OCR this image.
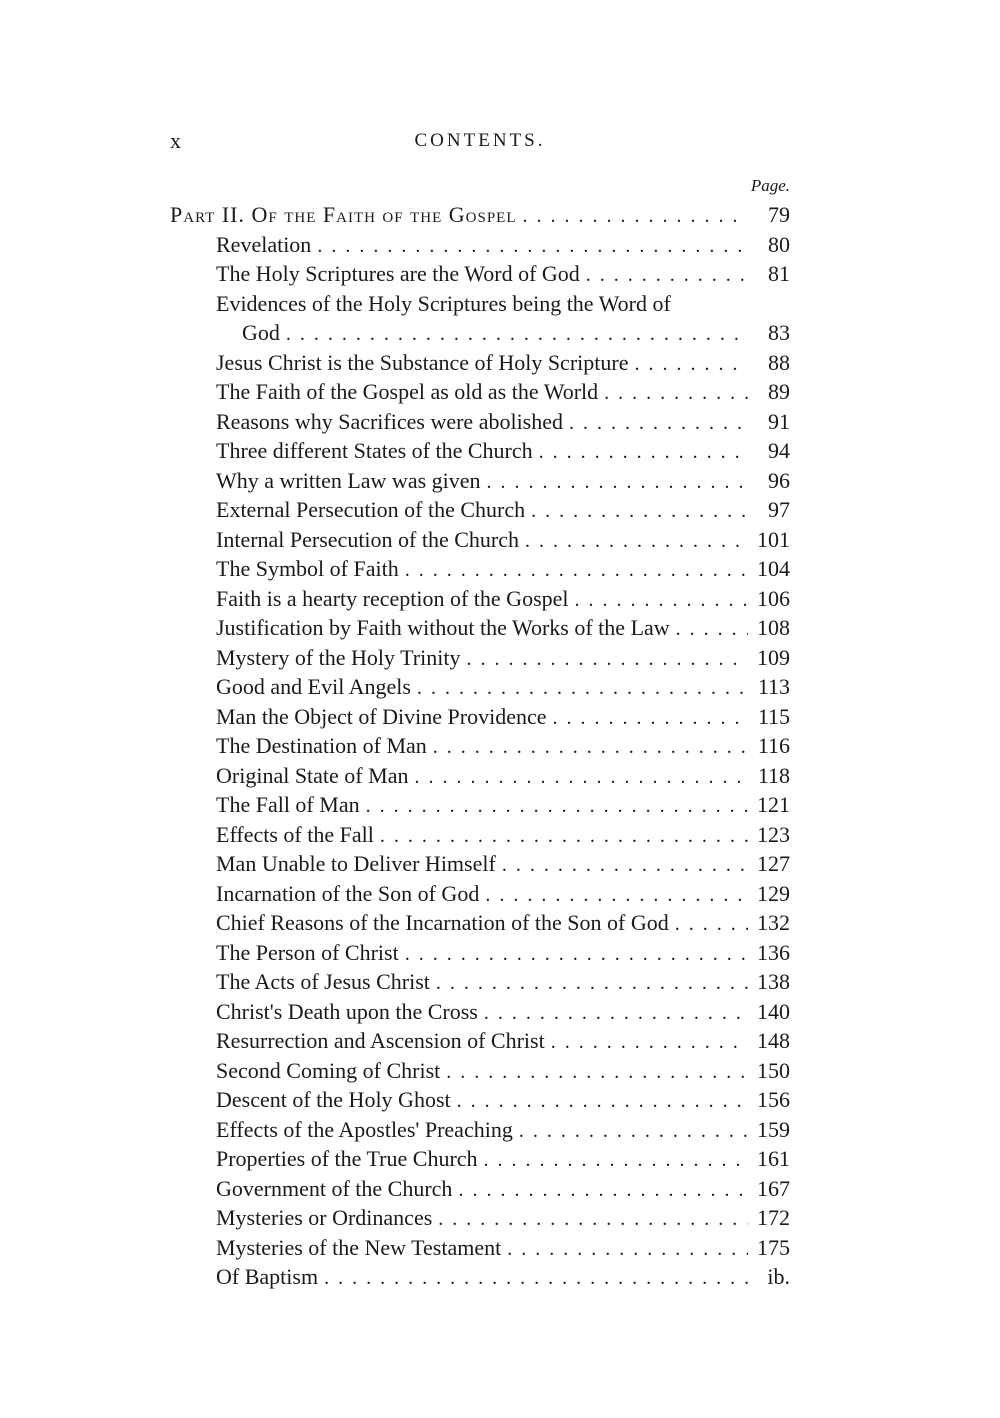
x	CONTENTS.
Page.
Part II. Of the Faith of the Gospel . . .	79
Revelation . . .	80
The Holy Scriptures are the Word of God . . .	81
Evidences of the Holy Scriptures being the Word of
God . . .	83
Jesus Christ is the Substance of Holy Scripture . . .	88
The Faith of the Gospel as old as the World . . .	89
Reasons why Sacrifices were abolished . . .	91
Three different States of the Church . . .	94
Why a written Law was given . . .	96
External Persecution of the Church . . .	97
Internal Persecution of the Church . . .	101
The Symbol of Faith . . .	104
Faith is a hearty reception of the Gospel . . .	106
Justification by Faith without the Works of the Law . . .	108
Mystery of the Holy Trinity . . .	109
Good and Evil Angels . . .	113
Man the Object of Divine Providence . . .	115
The Destination of Man . . .	116
Original State of Man . . .	118
The Fall of Man . . .	121
Effects of the Fall . . .	123
Man Unable to Deliver Himself . . .	127
Incarnation of the Son of God . . .	129
Chief Reasons of the Incarnation of the Son of God . . .	132
The Person of Christ . . .	136
The Acts of Jesus Christ . . .	138
Christ's Death upon the Cross . . .	140
Resurrection and Ascension of Christ . . .	148
Second Coming of Christ . . .	150
Descent of the Holy Ghost . . .	156
Effects of the Apostles' Preaching . . .	159
Properties of the True Church . . .	161
Government of the Church . . .	167
Mysteries or Ordinances . . .	172
Mysteries of the New Testament . . .	175
Of Baptism . . .	ib.
